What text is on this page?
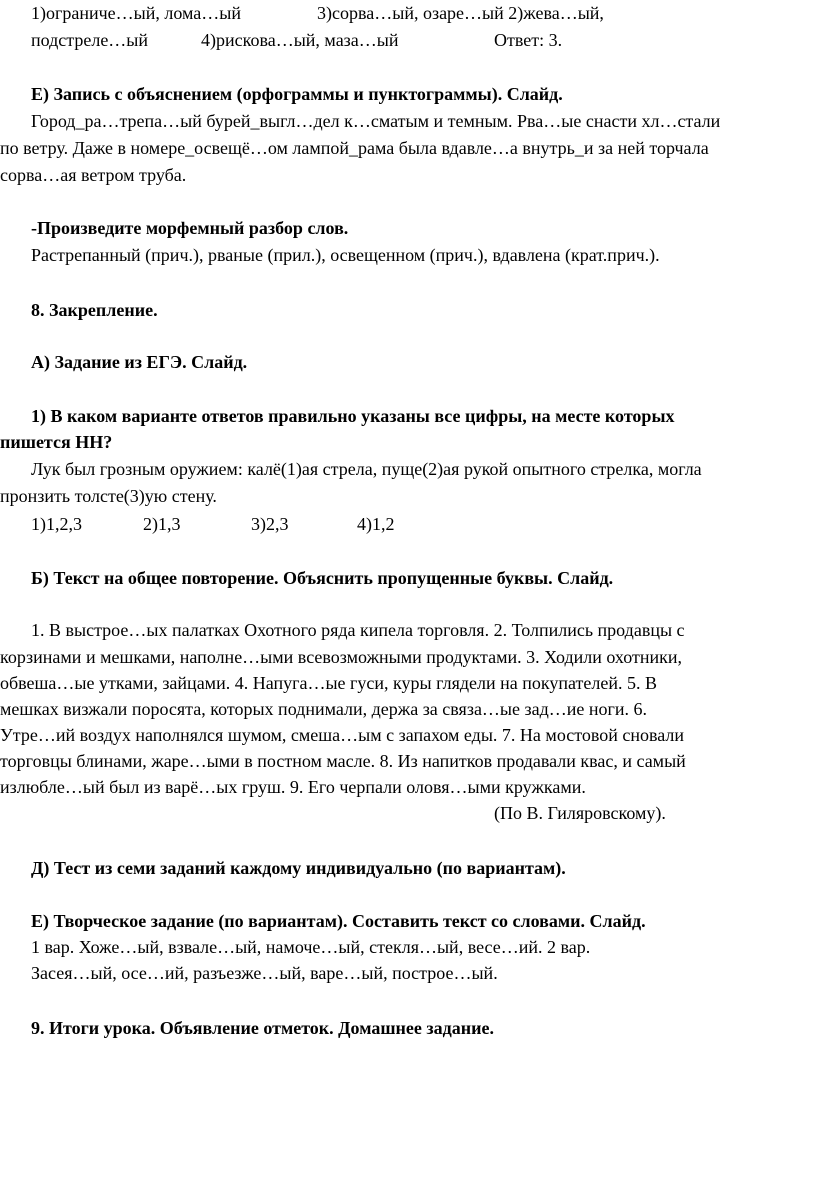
1)ограниче…ый, лома…ый	3)сорва…ый, озаре…ый 2)жева…ый,
подстреле…ый	4)рискова…ый, маза…ый	Ответ: 3.
Е) Запись с объяснением (орфограммы и пунктограммы). Слайд.
Город_ра…трепа…ый бурей_выгл…дел к…сматым и темным. Рва…ые снасти хл…стали
по ветру. Даже в номере_освещё…ом лампой_рама была вдавле…а внутрь_и за ней торчала
сорва…ая ветром труба.
-Произведите морфемный разбор слов.
Растрепанный (прич.), рваные (прил.), освещенном (прич.), вдавлена (крат.прич.).
8. Закрепление.
А) Задание из ЕГЭ. Слайд.
1) В каком варианте ответов правильно указаны все цифры, на месте которых
пишется НН?
Лук был грозным оружием: калё(1)ая стрела, пуще(2)ая рукой опытного стрелка, могла
пронзить толсте(3)ую стену.
1)1,2,3	2)1,3	3)2,3	4)1,2
Б) Текст на общее повторение. Объяснить пропущенные буквы. Слайд.
1. В выстрое…ых палатках Охотного ряда кипела торговля. 2. Толпились продавцы с
корзинами и мешками, наполне…ыми всевозможными продуктами. 3. Ходили охотники,
обвеша…ые утками, зайцами. 4. Напуга…ые гуси, куры глядели на покупателей. 5. В
мешках визжали поросята, которых поднимали, держа за связа…ые зад…ие ноги. 6.
Утре…ий воздух наполнялся шумом, смеша…ым с запахом еды. 7. На мостовой сновали
торговцы блинами, жаре…ыми в постном масле. 8. Из напитков продавали квас, и самый
излюбле…ый был из варё…ых груш. 9. Его черпали оловя…ыми кружками.
(По В. Гиляровскому).
Д) Тест из семи заданий каждому индивидуально (по вариантам).
Е) Творческое задание (по вариантам). Составить текст со словами. Слайд.
1 вар. Хоже…ый, взвале…ый, намоче…ый, стекля…ый, весе…ий. 2 вар.
Засея…ый, осе…ий, разъезже…ый, варе…ый, построе…ый.
9. Итоги урока. Объявление отметок. Домашнее задание.
